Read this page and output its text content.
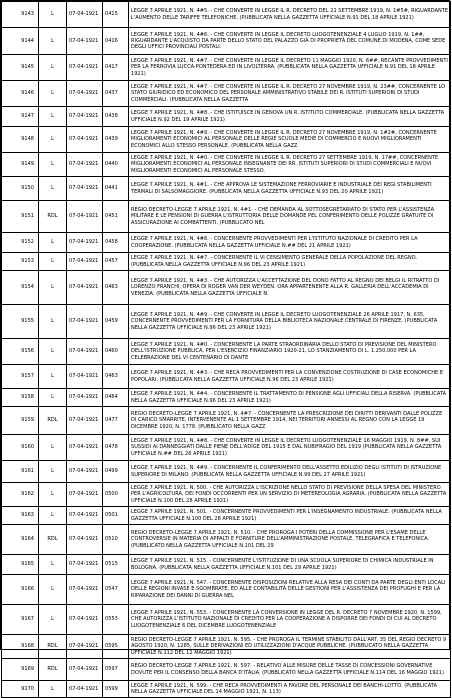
9143	L	07-04-1921	0415	LEGGE 7 APRILE 1921, N. 4#5. - CHE CONVERTE IN LEGGE IL R. DECRETO DEL 21 SETTEMBRE 1919, N. 1#5#, RIGUARDANTE L'AUMENTO DELLE TARIFFE TELEFONICHE. (PUBBLICATA NELLA GAZZETTA UFFICIALE N.91 DEL 18 APRILE 1921)
9144	L	07-04-1921	0416	LEGGE 7 APRILE 1921, N. 4#6. - CHE CONVERTE IN LEGGE IL DECRETO LUOGOTENENZIALE 4 LUGLIO 1919, N. 1##, RIGUARDANTE L'ACQUISTO DA PARTE DELLO STATO DEL PALAZZO GIÀ DI PROPRIETÀ DEL COMUNE DI MODENA, COME SEDE DEGLI UFFICI PROVINCIALI POSTALI.
9145	L	07-04-1921	0417	LEGGE 7 APRILE 1921, N. 4#7. - CHE CONVERTE IN LEGGE IL DECRETO 11 MAGGIO 1920, N. 6##, RECANTE PROVVEDIMENTI PER LA FERROVIA LUCCA-PONTEDERA ED IN LIVOLTERRA. (PUBBLICATA NELLA GAZZETTA UFFICIALE N.91 DEL 18 APRILE 1921)
9146	L	07-04-1921	0437	LEGGE 7 APRILE 1921, N. 4#7. - CHE CONVERTE IN LEGGE IL R. DECRETO 27 NOVEMBRE 1919, N. 23##, CONCERNENTE LO STATO GIURIDICO ED ECONOMICO DEL PERSONALE AMMINISTRATIVO STABILE DEI R. ISTITUTI SUPERIORI DI STUDI COMMERCIALI. (PUBBLICATA NELLA GAZZETTA
9147	L	07-04-1921	0438	LEGGE 7 APRILE 1921, N. 4#8. - CHE ISTITUISCE IN GENOVA UN R. ISTITUTO COMMERCIALE. (PUBBLICATA NELLA GAZZETTA UFFICIALE N.92 DEL 19 APRILE 1921)
9148	L	07-04-1921	0439	LEGGE 7 APRILE 1921, N. 4#9. - CHE CONVERTE IN LEGGE IL R. DECRETO 27 NOVEMBRE 1919, N. 1#2#, CONCERNENTE MIGLIORAMENTI ECONOMICI AL PERSONALE DELLE REGIE SCUOLE MEDIE DI COMMERCIO E NUOVI MIGLIORAMENTI ECONOMICI ALLO STESSO PERSONALE. (PUBBLICATA NELLA GAZZ
9149	L	07-04-1921	0440	LEGGE 7 APRILE 1921, N. 4#0. - CHE CONVERTE IN LEGGE IL R. DECRETO 27 SETTEMBRE 1919, N. 17##, CONCERNENTE MIGLIORAMENTI ECONOMICI AL PERSONALE INSEGNANTE DEI RR. ISTITUTI SUPERIORI DI STUDI COMMERCIALI E NUOVI MIGLIORAMENTI ECONOMICI AL PERSONALE STESSO.
9150	L	07-04-1921	0441	LEGGE 7 APRILE 1921, N. 4#1. - CHE APPROVA LE SISTEMAZIONE FERROVIARIE E INDUSTRIALE DEI REGI STABILIMENTI TERMALI DI SALSOMAGGIORE. (PUBBLICATA NELLA GAZZETTA UFFICIALE N.93 DEL 20 APRILE 1921)
9151	RDL	07-04-1921	0451	REGIO DECRETO-LEGGE 7 APRILE 1921, N. 4#1. - CHE DEMANDA AL SOTTOSEGRETARIATO DI STATO PER L'ASSISTENZA MILITARE E LE PENSIONI DI GUERRA L'ISTRUTTORIA DELLE DOMANDE PEL CONFERIMENTO DELLE POLIZZE GRATUITE DI ASSICURAZIONE AI COMBATTENTI. (PUBBLICATO NEL
9152	L	07-04-1921	0458	LEGGE 7 APRILE 1921, N. 4#8. - CONCERNENTE PROVVEDIMENTI PER L'ISTITUTO NAZIONALE DI CREDITO PER LA COOPERAZIONE. (PUBBLICATA NELLA GAZZETTA UFFICIALE N.## DEL 21 APRILE 1921)
9153	L	07-04-1921	0457	LEGGE 7 APRILE 1921, N. 4#7. - CONCERNENTE IL VI CENSIMENTO GENERALE DELLA POPOLAZIONE DEL REGNO. (PUBBLICATA NELLA GAZZETTA UFFICIALE N.96 DEL 23 APRILE 1921)
9154	L	07-04-1921	0463	LEGGE 7 APRILE 1921, N. 4#3. - CHE AUTORIZZA L'ACCETTAZIONE DEL DONO FATTO AL REGNO DEI BELGI IL RITRATTO DI LORENZO FRANCHI, OPERA DI ROGER VAN DER WEYDEN, ORA APPARTENENTE ALLA R. GALLERIA DELL'ACCADEMIA DI VENEZIA. (PUBBLICATA NELLA GAZZETTA UFFICIALE N.
9155	L	07-04-1921	0459	LEGGE 7 APRILE 1921, N. 4#9. - CHE CONVERTE IN LEGGE IL DECRETO LUOGOTENENZIALE 26 APRILE 1917, N. 635, CONCERNENTE PROVVEDIMENTI PER LA FORNITURA DELLA BIBLIOTECA NAZIONALE CENTRALE DI FIRENZE. (PUBBLICATA NELLA GAZZETTA UFFICIALE N.96 DEL 23 APRILE 1921)
9156	L	07-04-1921	0460	LEGGE 7 APRILE 1921, N. 4#0. - CONCERNENTE LA PARTE STRAORDINARIA DELLO STATO DI PREVISIONE DEL MINISTERO DELL'ISTRUZIONE PUBBLICA, PER L'ESERCIZIO FINANZIARIO 1920-21, LO STANZIAMENTO DI L. 1.250.000 PER LA CELEBRAZIONE DEL VI CENTENARIO DI DANTE
9157	L	07-04-1921	0463	LEGGE 7 APRILE 1921, N. 4#3. - CHE RECA PROVVEDIMENTI PER LA CONVENZIONE COSTRUZIONE DI CASE ECONOMICHE E POPOLARI. (PUBBLICATA NELLA GAZZETTA UFFICIALE N.96 DEL 23 APRILE 1921)
9158	L	07-04-1921	0464	LEGGE 7 APRILE 1921, N. 4#4. - CONCERNENTE IL TRATTAMENTO DI PENSIONE AGLI UFFICIALI DELLA RISERVA. (PUBBLICATA NELLA GAZZETTA UFFICIALE N.96 DEL 23 APRILE 1921)
9159	RDL	07-04-1921	0477	REGIO DECRETO-LEGGE 7 APRILE 1921, N. 4#7. - CONCERNENTE LA PRESCRIZIONE DEI DIRITTI DERIVANTI DALLE POLIZZE DI CARICO SMARRITE, INTERVENENTE AL 1 SETTEMBRE 1914, NEI TERRITORI ANNESSI AL REGNO CON LA LEGGE 19 DICEMBRE 1920, N. 1778. (PUBBLICATO NELLA GAZZ
9160	L	07-04-1921	0478	LEGGE 7 APRILE 1921, N. 4#8. - CHE CONVERTE IN LEGGE IL DECRETO LUOGOTENENZIALE 16 MAGGIO 1919, N. 8##, SUI SUSSIDI AI DANNEGGIATI DALLE PIENE DELL'ADIGE DEL 1915 E DAL NUBIFRAGIO DEL 1919 (PUBBLICATA NELLA GAZZETTA UFFICIALE N.## DEL 26 APRILE 1921)
9161	L	07-04-1921	0499	LEGGE 7 APRILE 1921, N. 4#9. - CONCERNENTE IL CONFERIMENTO DELL'ASSETTO EDILIZIO DEGLI ISTITUTI DI ISTRUZIONE SUPERIORE DI MILANO. (PUBBLICATA NELLA GAZZETTA UFFICIALE N.99 DEL 27 APRILE 1921)
9162	L	07-04-1921	0500	LEGGE 7 APRILE 1921, N. 500. - CHE AUTORIZZA L'ISCRIZIONE NELLO STATO DI PREVISIONE DELLA SPESA DEL MINISTERO PER L'AGRICOLTURA, DEI FONDI OCCORRENTI PER UN SERVIZIO DI METEREOLOGIA AGRARIA. (PUBBLICATA NELLA GAZZETTA UFFICIALE N.100 DEL 28 APRILE 1921)
9163	L	07-04-1921	0501	LEGGE 7 APRILE 1921, N. 501. - CONCERNENTE PROVVEDIMENTI PER L'INSEGNAMENTO INDUSTRIALE. (PUBBLICATA NELLA GAZZETTA UFFICIALE N.100 DEL 28 APRILE 1921)
9164	RDL	07-04-1921	0510	REGIO DECRETO-LEGGE 7 APRILE 1921, N. 510. - CHE PROROGA I POTERI DELLA COMMISSIONE PER L'ESAME DELLE CONTROVERSIE IN MATERIA DI APPALTI E FORNITURE DELL'AMMINISTRAZIONE POSTALE, TELEGRAFICA E TELEFONICA. (PUBBLICATO NELLA GAZZETTA UFFICIALE N.101 DEL 29
9165	L	07-04-1921	0515	LEGGE 7 APRILE 1921, N. 515. - CONCERNENTE L'ISTITUZIONE DI UNA SCUOLA SUPERIORE DI CHIMICA INDUSTRIALE IN BOLOGNA. (PUBBLICATA NELLA GAZZETTA UFFICIALE N.101 DEL 29 APRILE 1921)
9166	L	07-04-1921	0547	LEGGE 7 APRILE 1921, N. 547. - CONCERNENTE DISPOSIZIONI RELATIVE ALLA RESA DEI CONTI DA PARTE DEGLI ENTI LOCALI DELLE REGIONI INVASE E SGOMBRATE, ED ALLE CONTABILITÀ DELLE GESTIONI PER L'ASSISTENZA DEI PROFUGHI E PER LA RIPARAZIONE DEI DANNI DI GUERRA NEL
9167	L	07-04-1921	0553	LEGGE 7 APRILE 1921, N. 553. - CONCERNENTE LA CONVERSIONE IN LEGGE DEL R. DECRETO 7 NOVEMBRE 1920, N. 1599, CHE AUTORIZZA L'ISTITUTO NAZIONALE DI CREDITO PER LA COOPERAZIONE A DISPORRE DEI FONDI DI CUI AL DECRETO LUOGOTENENZIALE 6 DEL DICEMBRE LUOGOTENENZIALE
9168	RDL	07-04-1921	0595	REGIO DECRETO-LEGGE 7 APRILE 1921, N. 595. - CHE PROROGA IL TERMINE STABILITO DALL'ART. 35 DEL REGIO DECRETO 9 AGOSTO 1920, N. 1285, SULLE DERIVAZIONI ED UTILIZZAZIONI D'ACQUE PUBBLICHE. (PUBBLICATO NELLA GAZZETTA UFFICIALE N.112 DEL 12 MAGGIO 1921)
9169	RDL	07-04-1921	0597	REGIO DECRETO-LEGGE 7 APRILE 1921, N. 597. - RELATIVO ALLE MISURE DELLE TASSE DI CONCESSIONI GOVERNATIVE DOVUTE PER IL CONSENSO DELLA BANCA D'ITALIA. (PUBBLICATO NELLA GAZZETTA UFFICIALE N.114 DEL 16 MAGGIO 1921)
9170	L	07-04-1921	0599	LEGGE 7 APRILE 1921, N. 599. - CHE RECA PROVVEDIMENTI A FAVORE DEL PERSONALE DEI BANCHI-LOTTO. (PUBBLICATA NELLA GAZZETTA UFFICIALE DEL 14 MAGGIO 1921, N. 113)
